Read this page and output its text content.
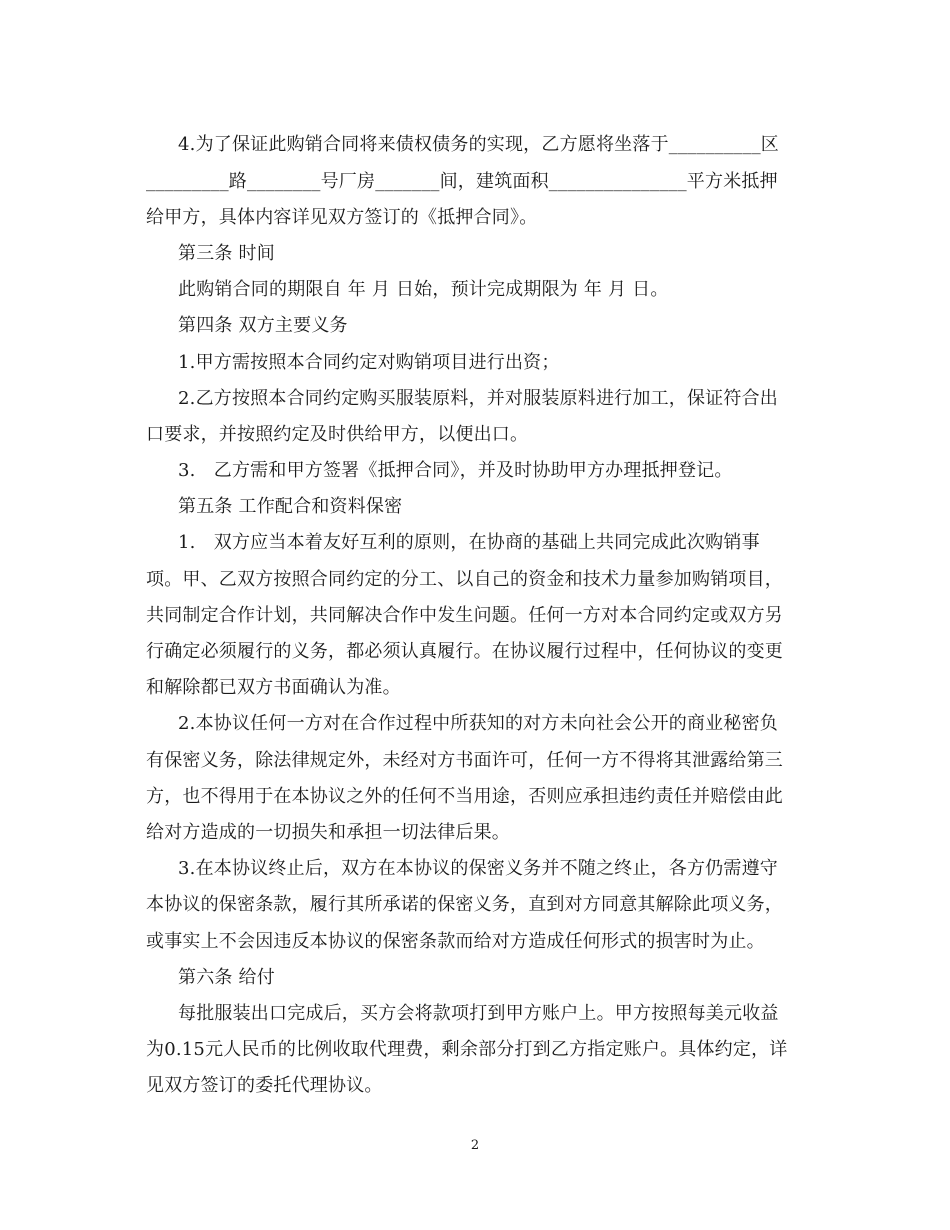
4.为了保证此购销合同将来债权债务的实现，乙方愿将坐落于__________区
_________路________号厂房_______间，建筑面积_______________平方米抵押
给甲方，具体内容详见双方签订的《抵押合同》。
第三条 时间
此购销合同的期限自 年 月 日始，预计完成期限为 年 月 日。
第四条 双方主要义务
1.甲方需按照本合同约定对购销项目进行出资；
2.乙方按照本合同约定购买服装原料，并对服装原料进行加工，保证符合出
口要求，并按照约定及时供给甲方，以便出口。
3.　乙方需和甲方签署《抵押合同》，并及时协助甲方办理抵押登记。
第五条 工作配合和资料保密
1.　双方应当本着友好互利的原则，在协商的基础上共同完成此次购销事
项。甲、乙双方按照合同约定的分工、以自己的资金和技术力量参加购销项目，
共同制定合作计划，共同解决合作中发生问题。任何一方对本合同约定或双方另
行确定必须履行的义务，都必须认真履行。在协议履行过程中，任何协议的变更
和解除都已双方书面确认为准。
2.本协议任何一方对在合作过程中所获知的对方未向社会公开的商业秘密负
有保密义务，除法律规定外，未经对方书面许可，任何一方不得将其泄露给第三
方，也不得用于在本协议之外的任何不当用途，否则应承担违约责任并赔偿由此
给对方造成的一切损失和承担一切法律后果。
3.在本协议终止后，双方在本协议的保密义务并不随之终止，各方仍需遵守
本协议的保密条款，履行其所承诺的保密义务，直到对方同意其解除此项义务，
或事实上不会因违反本协议的保密条款而给对方造成任何形式的损害时为止。
第六条 给付
每批服装出口完成后，买方会将款项打到甲方账户上。甲方按照每美元收益
为0.15元人民币的比例收取代理费，剩余部分打到乙方指定账户。具体约定，详
见双方签订的委托代理协议。
2
